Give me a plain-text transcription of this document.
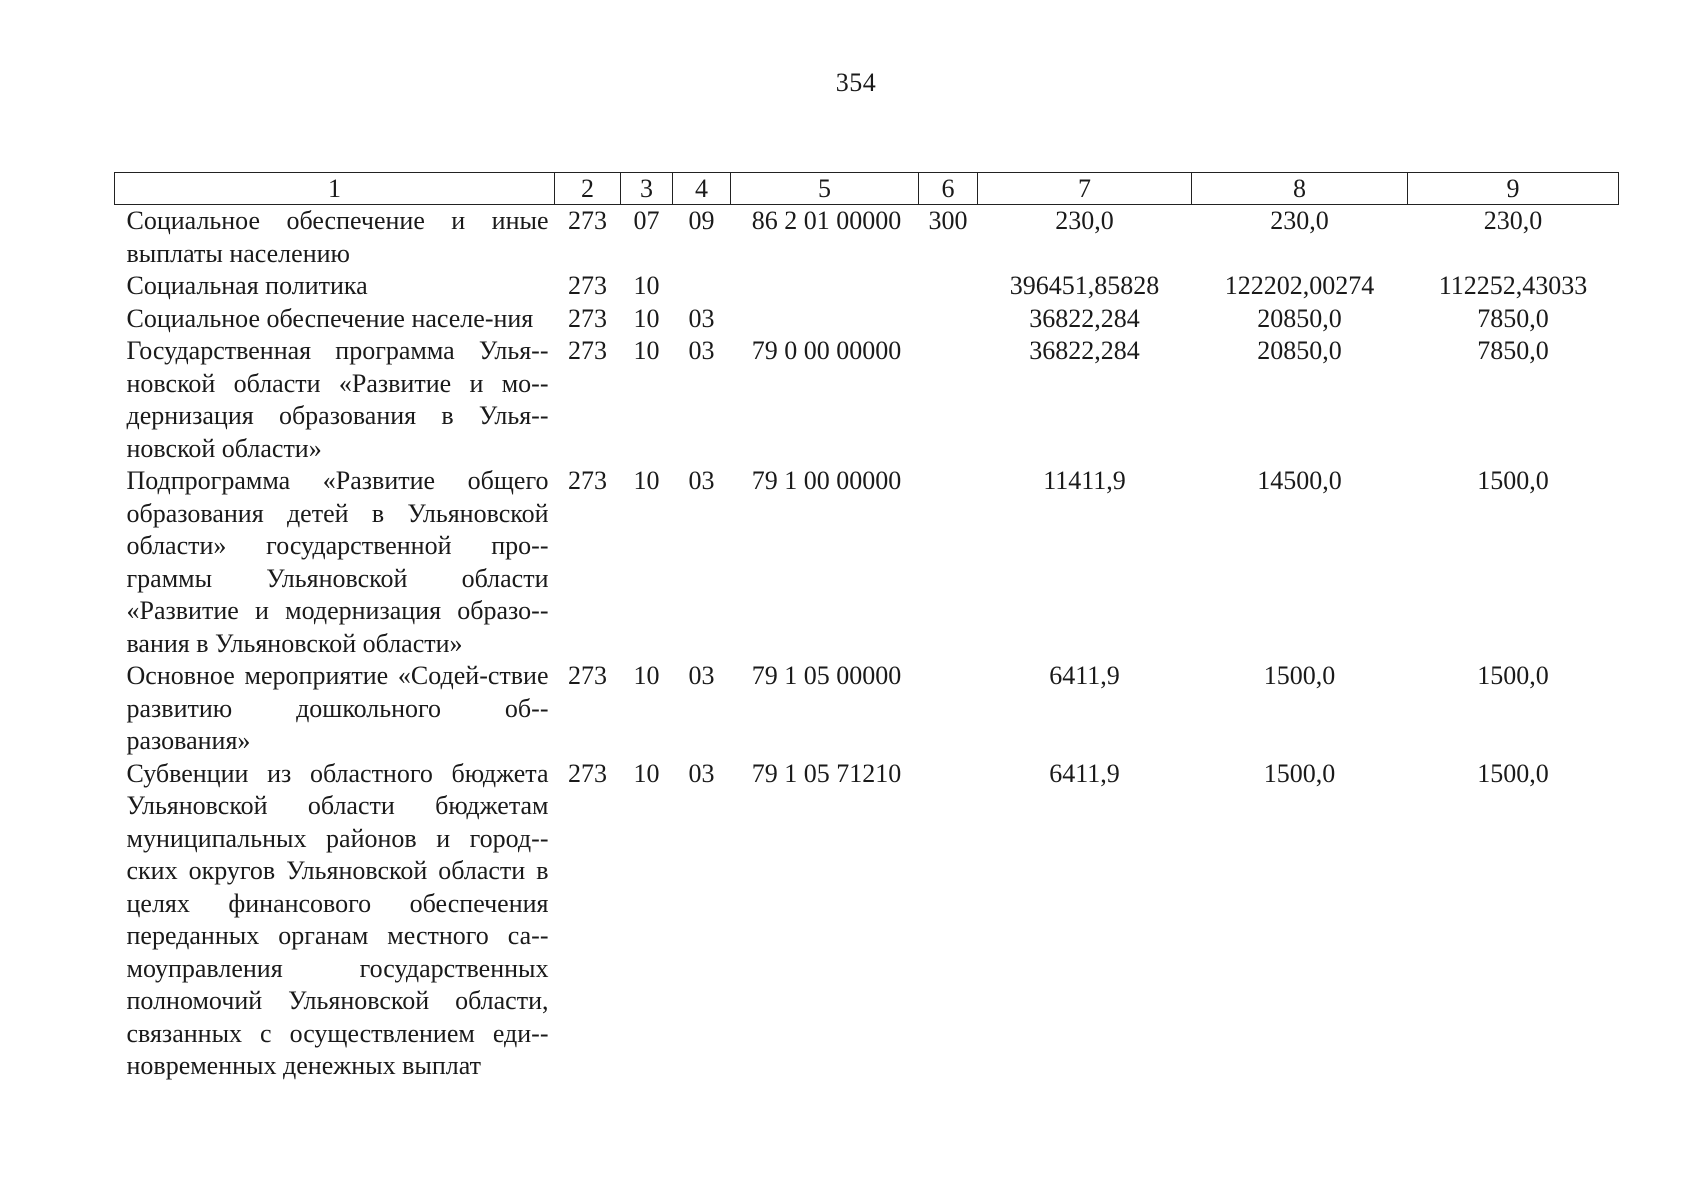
354
1	2	3	4	5	6	7	8	9
Социальное обеспечение и иные выплаты населению	273	07	09	86 2 01 00000	300	230,0	230,0	230,0
Социальная политика	273	10				396451,85828	122202,00274	112252,43033
Социальное обеспечение населе-ния	273	10	03			36822,284	20850,0	7850,0
Государственная программа Улья-новской области «Развитие и мо-дернизация образования в Улья-новской области»	273	10	03	79 0 00 00000		36822,284	20850,0	7850,0
Подпрограмма «Развитие общего образования детей в Ульяновской области» государственной про-граммы Ульяновской области «Развитие и модернизация образо-вания в Ульяновской области»	273	10	03	79 1 00 00000		11411,9	14500,0	1500,0
Основное мероприятие «Содей-ствие развитию дошкольного об-разования»	273	10	03	79 1 05 00000		6411,9	1500,0	1500,0
Субвенции из областного бюджета Ульяновской области бюджетам муниципальных районов и город-ских округов Ульяновской области в целях финансового обеспечения переданных органам местного са-моуправления государственных полномочий Ульяновской области, связанных с осуществлением еди-новременных денежных выплат	273	10	03	79 1 05 71210		6411,9	1500,0	1500,0
